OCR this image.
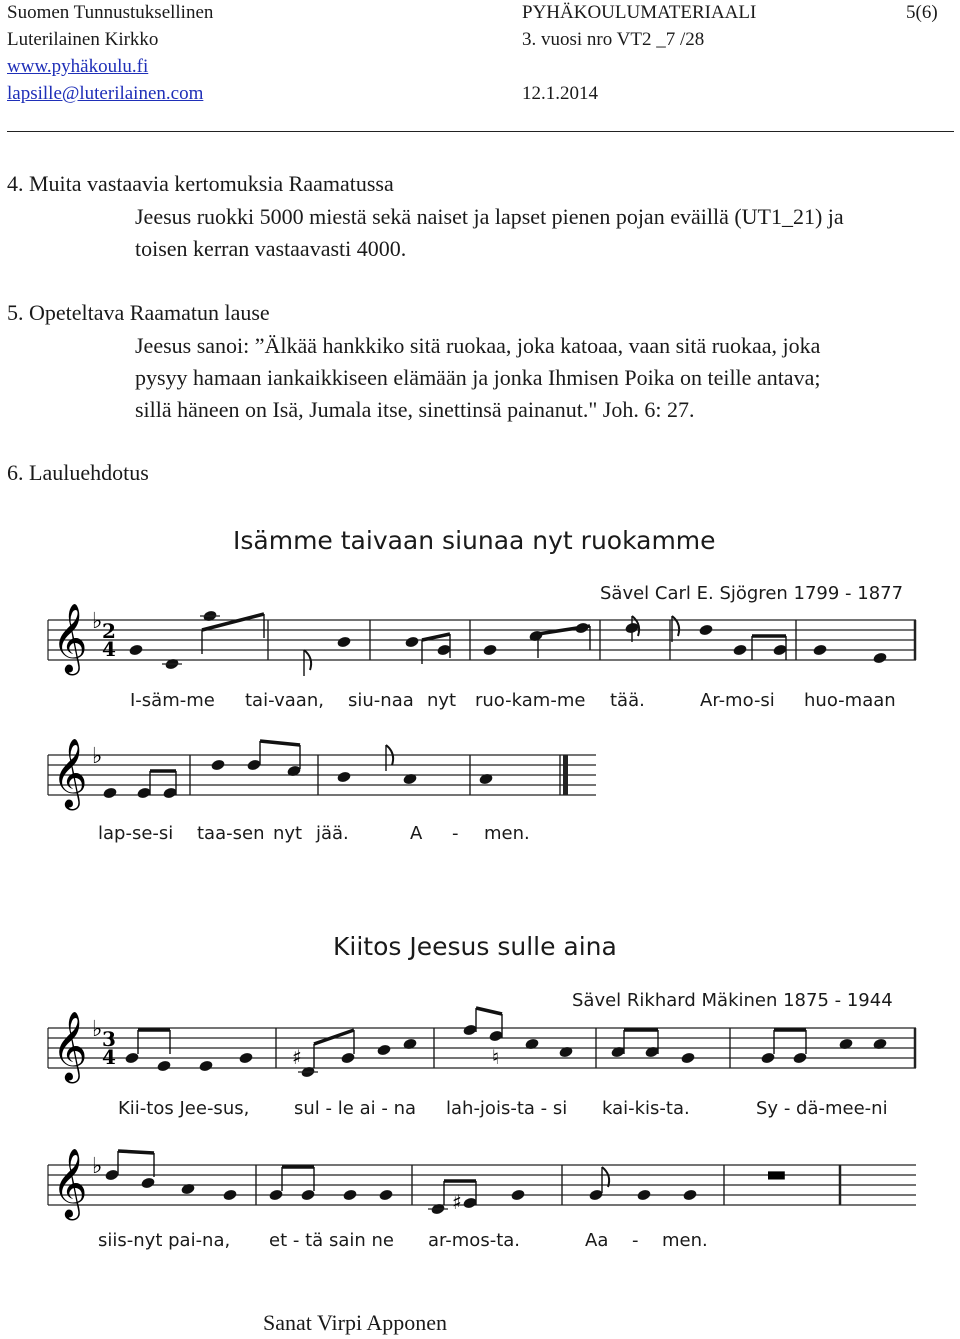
Suomen Tunnustuksellinen
Luterilainen Kirkko
www.pyhäkoulu.fi
lapsille@luterilainen.com
PYHÄKOULUMATERIAALI
3. vuosi nro VT2 _7 /28
12.1.2014
5(6)
4. Muita vastaavia kertomuksia Raamatussa
Jeesus ruokki 5000 miestä sekä naiset ja lapset pienen pojan eväillä (UT1_21) ja
toisen kerran vastaavasti 4000.
5. Opeteltava Raamatun lause
Jeesus sanoi: ”Älkää hankkiko sitä ruokaa, joka katoaa, vaan sitä ruokaa, joka
pysyy hamaan iankaikkiseen elämään ja jonka Ihmisen Poika on teille antava;
sillä häneen on Isä, Jumala itse, sinettinsä painanut." Joh. 6: 27.
6. Lauluehdotus
Isämme taivaan siunaa nyt ruokamme
Sävel Carl E. Sjögren 1799 - 1877
𝄞 ♭ 2
4
I-säm-me tai-vaan, siu-naa nyt ruo-kam-me tää.	Ar-mo-si huo-maan
𝄞 ♭
lap-se-si taa-sen nyt jää.	A - men.
Kiitos Jeesus sulle aina
Sävel Rikhard Mäkinen 1875 - 1944
𝄞 ♭ 3
4	♯	♮
Kii-tos Jee-sus, sul - le ai - na lah-jois-ta - si kai-kis-ta.	Sy - dä-mee-ni
𝄞 ♭
♯
▬
siis-nyt pai-na, et - tä sain ne ar-mos-ta.	Aa - men.
Sanat Virpi Apponen
